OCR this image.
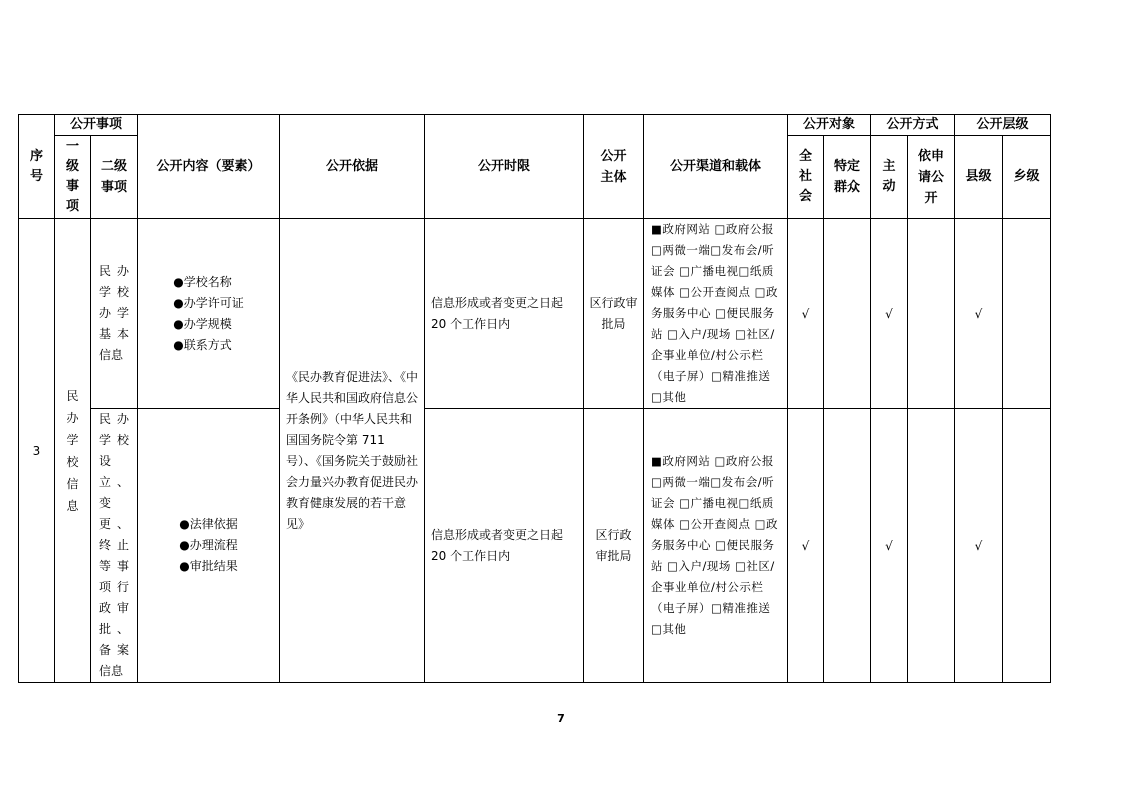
序号	公开事项		公开内容（要素）	公开依据	公开时限	公开主体	公开渠道和载体	公开对象		公开方式		公开层级	

	一级事项	二级事项						全社会	特定群众	主动	依申请公开	县级	乡级
3	民办学校信息	民办学校办学基本信息	●学校名称
●办学许可证
●办学规模
●联系方式	《民办教育促进法》、《中华人民共和国政府信息公开条例》（中华人民共和国国务院令第 711 号）、《国务院关于鼓励社会力量兴办教育促进民办教育健康发展的若干意见》	信息形成或者变更之日起 20 个工作日内	区行政审批局	■政府网站 □政府公报 □两微一端□发布会/听证会 □广播电视□纸质媒体 □公开查阅点 □政务服务中心 □便民服务站 □入户/现场 □社区/企事业单位/村公示栏（电子屏）□精准推送 □其他	√		√		√	

		民办学校设立、变更、终止等事项行政审批、备案信息	●法律依据
●办理流程
●审批结果		信息形成或者变更之日起 20 个工作日内	区行政审批局	■政府网站 □政府公报 □两微一端□发布会/听证会 □广播电视□纸质媒体 □公开查阅点 □政务服务中心 □便民服务站 □入户/现场 □社区/企事业单位/村公示栏（电子屏）□精准推送 □其他	√		√		√	
7
